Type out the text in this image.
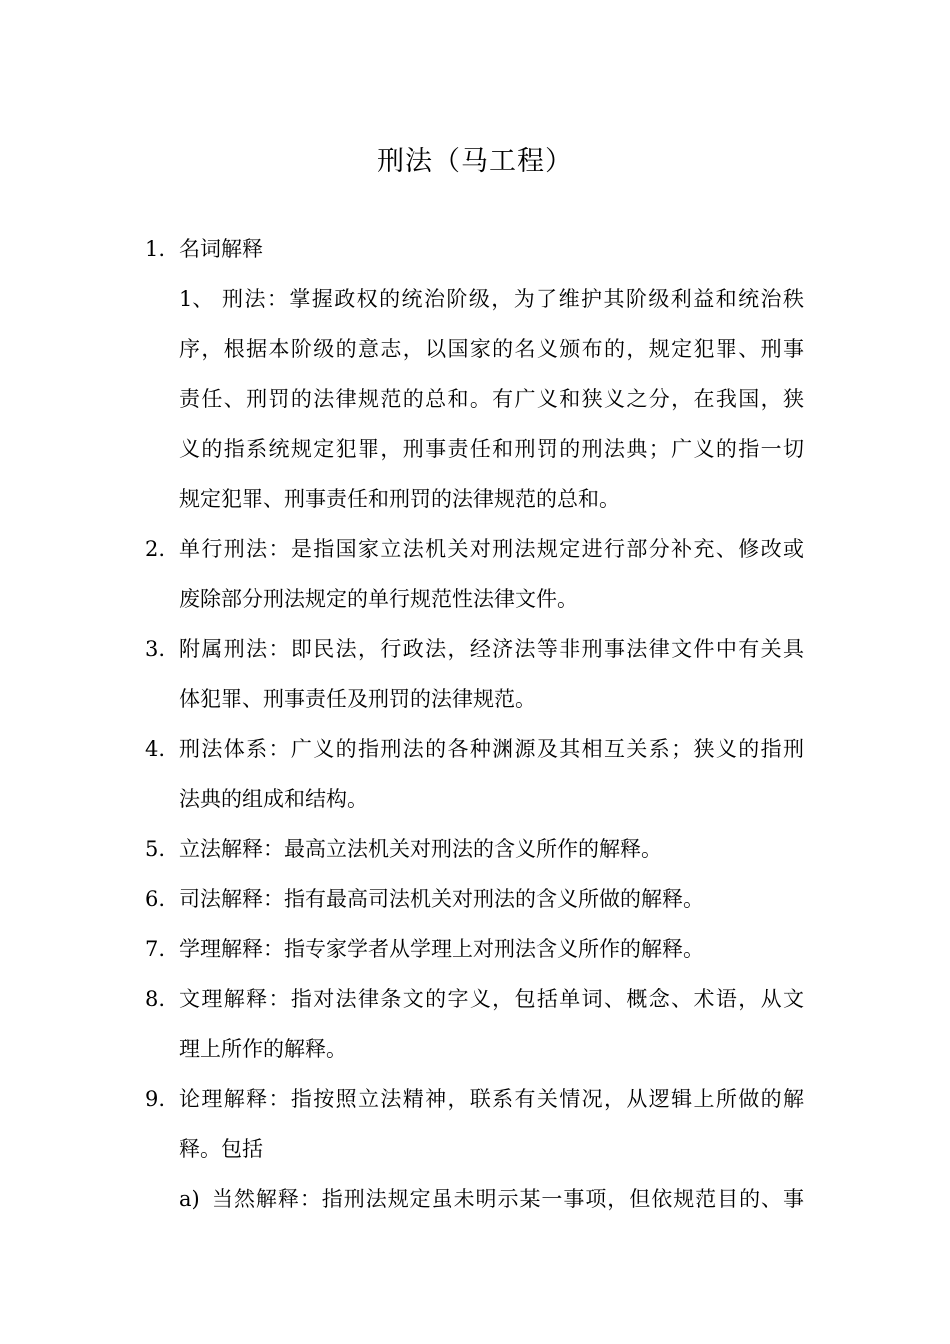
刑法（马工程）
1. 名词解释
1、 刑法：掌握政权的统治阶级，为了维护其阶级利益和统治秩
序，根据本阶级的意志，以国家的名义颁布的，规定犯罪、刑事
责任、刑罚的法律规范的总和。有广义和狭义之分，在我国，狭
义的指系统规定犯罪，刑事责任和刑罚的刑法典；广义的指一切
规定犯罪、刑事责任和刑罚的法律规范的总和。
2. 单行刑法：是指国家立法机关对刑法规定进行部分补充、修改或
废除部分刑法规定的单行规范性法律文件。
3. 附属刑法：即民法，行政法，经济法等非刑事法律文件中有关具
体犯罪、刑事责任及刑罚的法律规范。
4. 刑法体系：广义的指刑法的各种渊源及其相互关系；狭义的指刑
法典的组成和结构。
5. 立法解释：最高立法机关对刑法的含义所作的解释。
6. 司法解释：指有最高司法机关对刑法的含义所做的解释。
7. 学理解释：指专家学者从学理上对刑法含义所作的解释。
8. 文理解释：指对法律条文的字义，包括单词、概念、术语，从文
理上所作的解释。
9. 论理解释：指按照立法精神，联系有关情况，从逻辑上所做的解
释。包括
a) 当然解释：指刑法规定虽未明示某一事项，但依规范目的、事
